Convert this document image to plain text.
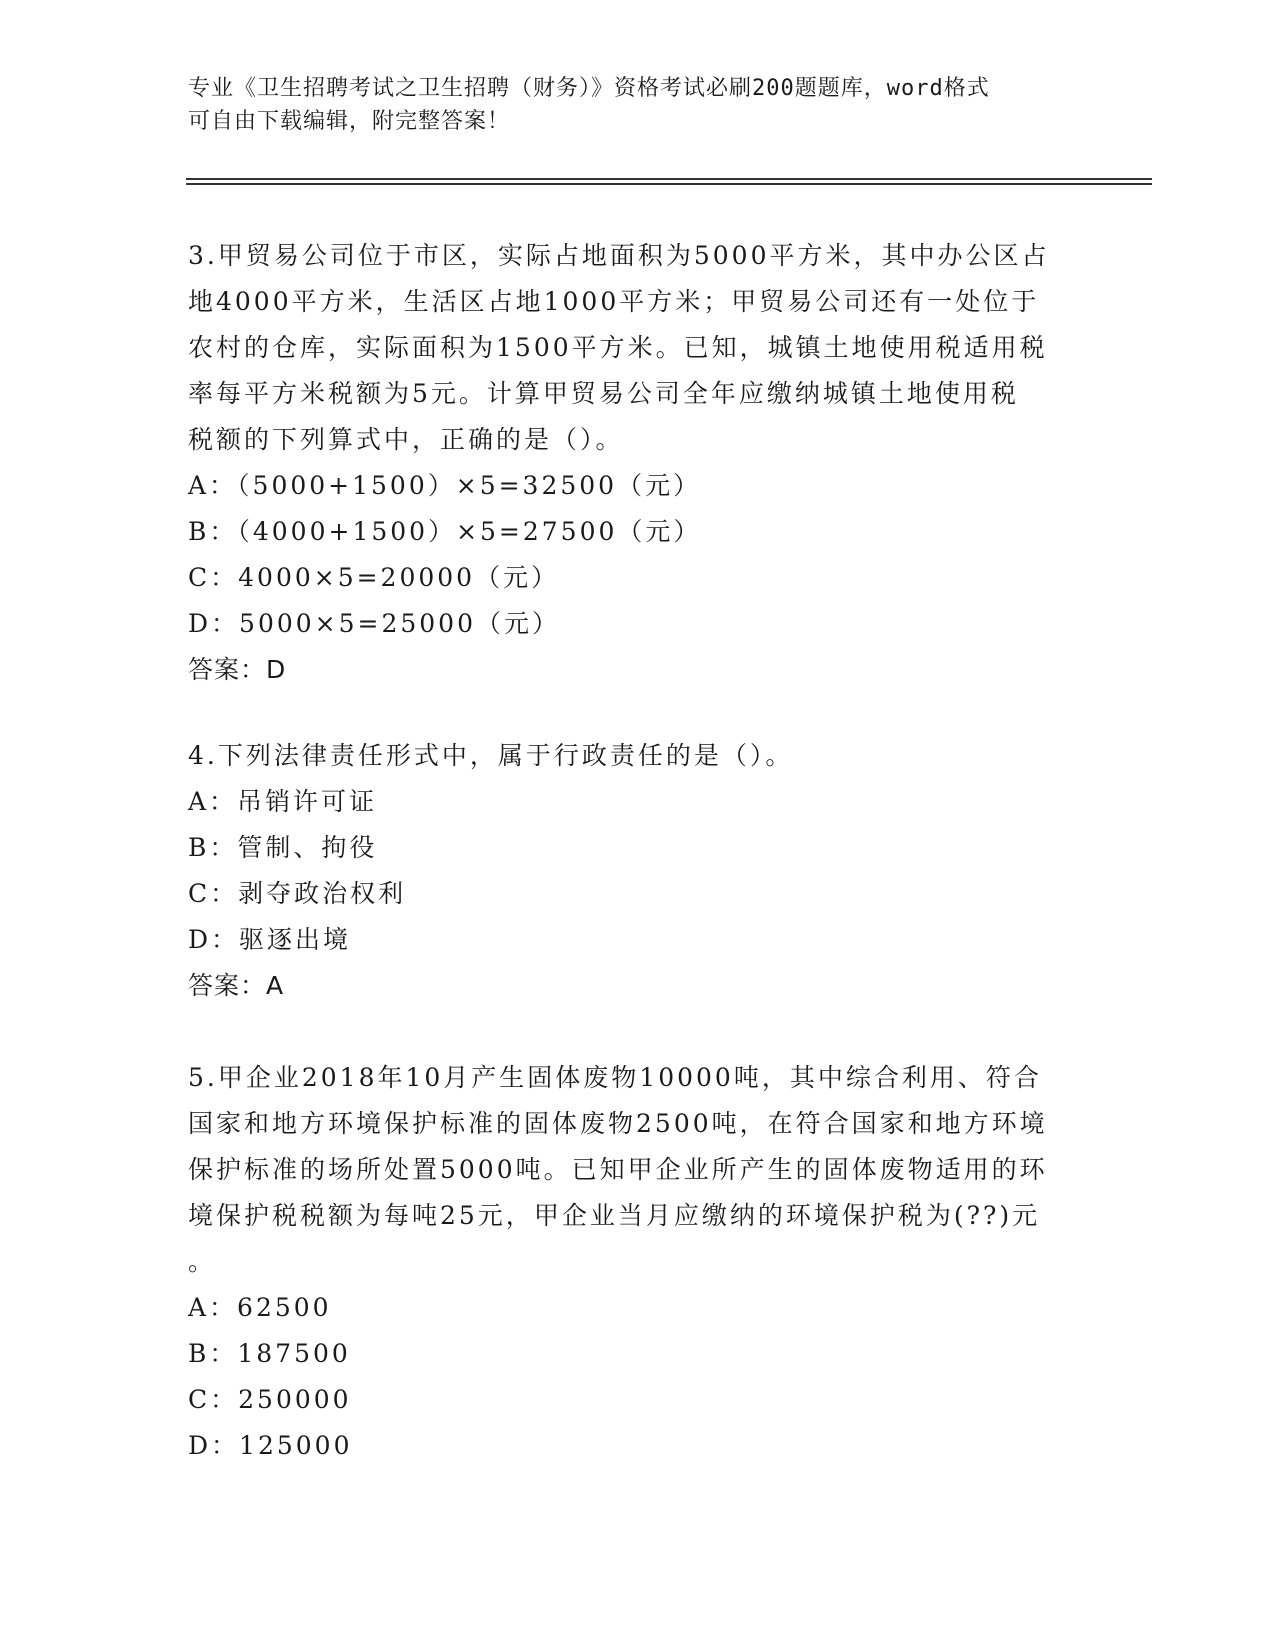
专业《卫生招聘考试之卫生招聘（财务）》资格考试必刷200题题库，word格式
可自由下载编辑，附完整答案！
3.甲贸易公司位于市区，实际占地面积为5000平方米，其中办公区占
地4000平方米，生活区占地1000平方米；甲贸易公司还有一处位于
农村的仓库，实际面积为1500平方米。已知，城镇土地使用税适用税
率每平方米税额为5元。计算甲贸易公司全年应缴纳城镇土地使用税
税额的下列算式中，正确的是（）。
A：（5000+1500）×5=32500（元）
B：（4000+1500）×5=27500（元）
C：4000×5=20000（元）
D：5000×5=25000（元）
答案：D
4.下列法律责任形式中，属于行政责任的是（）。
A：吊销许可证
B：管制、拘役
C：剥夺政治权利
D：驱逐出境
答案：A
5.甲企业2018年10月产生固体废物10000吨，其中综合利用、符合
国家和地方环境保护标准的固体废物2500吨，在符合国家和地方环境
保护标准的场所处置5000吨。已知甲企业所产生的固体废物适用的环
境保护税税额为每吨25元，甲企业当月应缴纳的环境保护税为(??)元
。
A：62500
B：187500
C：250000
D：125000
